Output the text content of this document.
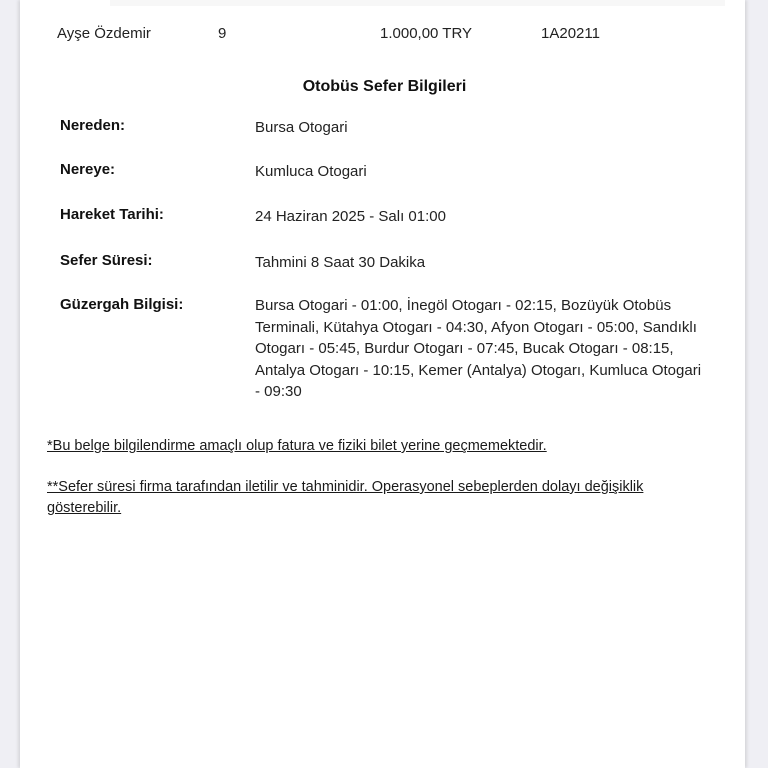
Ayşe Özdemir	9	1.000,00 TRY	1A20211
Otobüs Sefer Bilgileri
Nereden:	Bursa Otogari
Nereye:	Kumluca Otogari
Hareket Tarihi:	24 Haziran 2025 - Salı 01:00
Sefer Süresi:	Tahmini 8 Saat 30 Dakika
Güzergah Bilgisi:	Bursa Otogari - 01:00, İnegöl Otogarı - 02:15, Bozüyük Otobüs Terminali, Kütahya Otogarı - 04:30, Afyon Otogarı - 05:00, Sandıklı Otogarı - 05:45, Burdur Otogarı - 07:45, Bucak Otogarı - 08:15, Antalya Otogarı - 10:15, Kemer (Antalya) Otogarı, Kumluca Otogari - 09:30
*Bu belge bilgilendirme amaçlı olup fatura ve fiziki bilet yerine geçmemektedir.
**Sefer süresi firma tarafından iletilir ve tahminidir. Operasyonel sebeplerden dolayı değişiklik gösterebilir.
